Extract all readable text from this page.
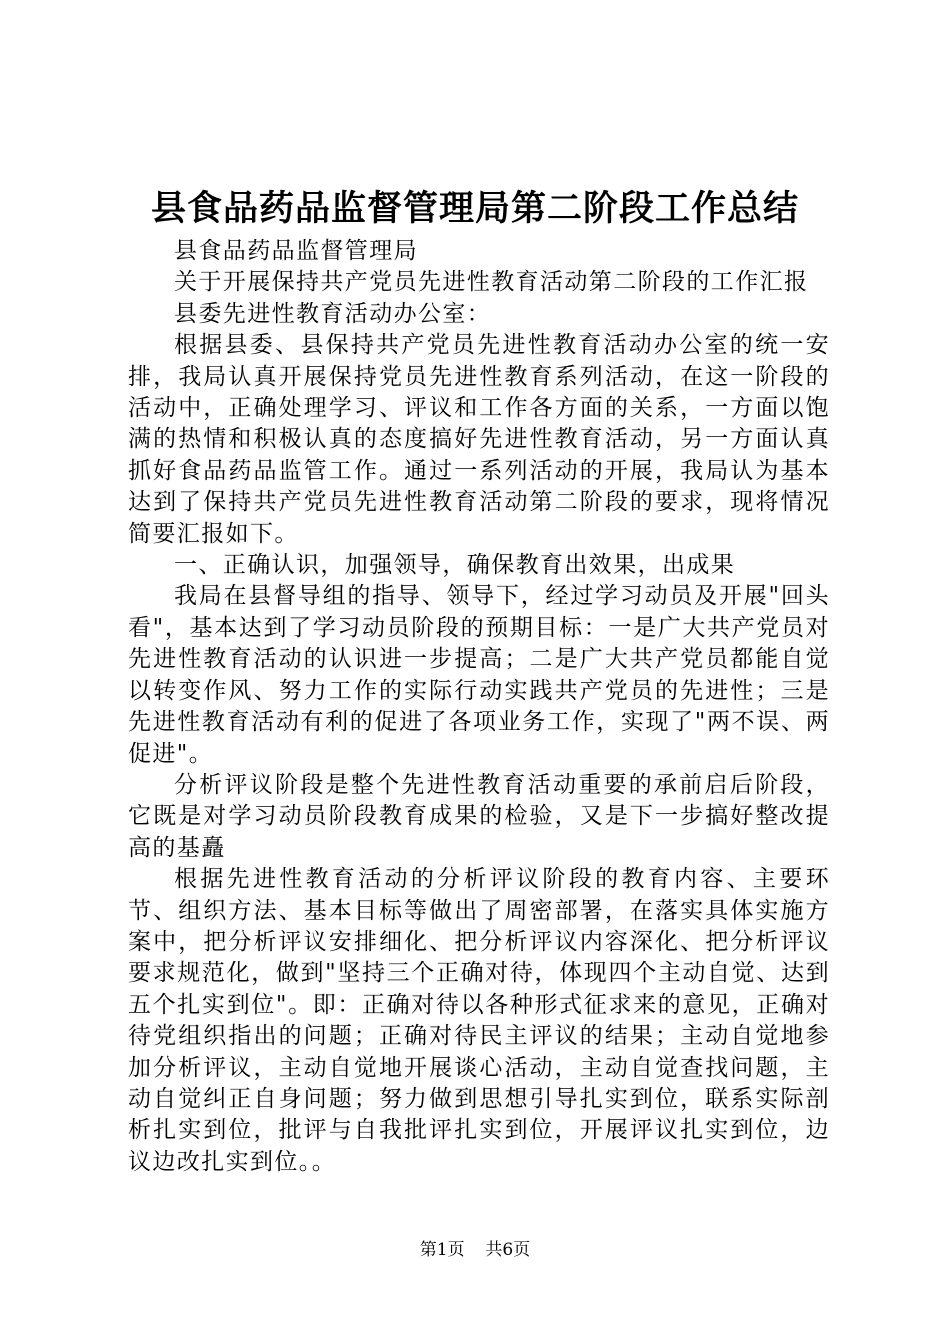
县食品药品监督管理局第二阶段工作总结

县食品药品监督管理局

关于开展保持共产党员先进性教育活动第二阶段的工作汇报

县委先进性教育活动办公室：

根据县委、县保持共产党员先进性教育活动办公室的统一安排，我局认真开展保持党员先进性教育系列活动，在这一阶段的活动中，正确处理学习、评议和工作各方面的关系，一方面以饱满的热情和积极认真的态度搞好先进性教育活动，另一方面认真抓好食品药品监管工作。通过一系列活动的开展，我局认为基本达到了保持共产党员先进性教育活动第二阶段的要求，现将情况简要汇报如下。

一、正确认识，加强领导，确保教育出效果，出成果

我局在县督导组的指导、领导下，经过学习动员及开展"回头看"，基本达到了学习动员阶段的预期目标：一是广大共产党员对先进性教育活动的认识进一步提高；二是广大共产党员都能自觉以转变作风、努力工作的实际行动实践共产党员的先进性；三是先进性教育活动有利的促进了各项业务工作，实现了"两不误、两促进"。

分析评议阶段是整个先进性教育活动重要的承前启后阶段，它既是对学习动员阶段教育成果的检验，又是下一步搞好整改提高的基矗

根据先进性教育活动的分析评议阶段的教育内容、主要环节、组织方法、基本目标等做出了周密部署，在落实具体实施方案中，把分析评议安排细化、把分析评议内容深化、把分析评议要求规范化，做到"坚持三个正确对待，体现四个主动自觉、达到五个扎实到位"。即：正确对待以各种形式征求来的意见，正确对待党组织指出的问题；正确对待民主评议的结果；主动自觉地参加分析评议，主动自觉地开展谈心活动，主动自觉查找问题，主动自觉纠正自身问题；努力做到思想引导扎实到位，联系实际剖析扎实到位，批评与自我批评扎实到位，开展评议扎实到位，边议边改扎实到位。。

第1页 共6页
